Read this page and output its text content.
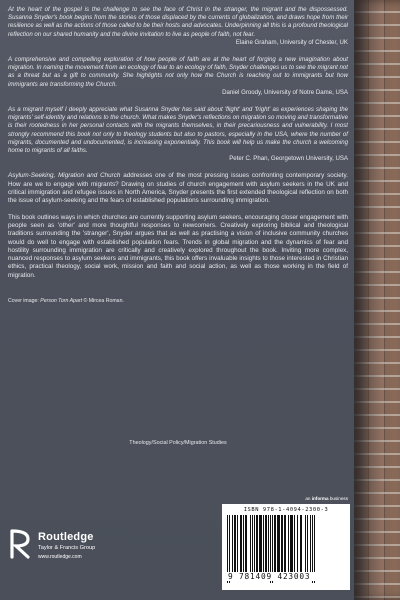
At the heart of the gospel is the challenge to see the face of Christ in the stranger, the migrant and the dispossessed. Susanna Snyder's book begins from the stories of those displaced by the currents of globalization, and draws hope from their resilience as well as the actions of those called to be their hosts and advocates. Underpinning all this is a profound theological reflection on our shared humanity and the divine invitation to live as people of faith, not fear.

Elaine Graham, University of Chester, UK

A comprehensive and compelling exploration of how people of faith are at the heart of forging a new imagination about migration. In naming the movement from an ecology of fear to an ecology of faith, Snyder challenges us to see the migrant not as a threat but as a gift to community. She highlights not only how the Church is reaching out to immigrants but how immigrants are transforming the Church.

Daniel Groody, University of Notre Dame, USA

As a migrant myself I deeply appreciate what Susanna Snyder has said about 'flight' and 'fright' as experiences shaping the migrants' self-identity and relations to the church. What makes Snyder's reflections on migration so moving and transformative is their rootedness in her personal contacts with the migrants themselves, in their precariousness and vulnerability. I most strongly recommend this book not only to theology students but also to pastors, especially in the USA, where the number of migrants, documented and undocumented, is increasing exponentially. This book will help us make the church a welcoming home to migrants of all faiths.

Peter C. Phan, Georgetown University, USA

Asylum-Seeking, Migration and Church addresses one of the most pressing issues confronting contemporary society. How are we to engage with migrants? Drawing on studies of church engagement with asylum seekers in the UK and critical immigration and refugee issues in North America, Snyder presents the first extended theological reflection on both the issue of asylum-seeking and the fears of established populations surrounding immigration.

This book outlines ways in which churches are currently supporting asylum seekers, encouraging closer engagement with people seen as 'other' and more thoughtful responses to newcomers. Creatively exploring biblical and theological traditions surrounding the 'stranger', Snyder argues that as well as practising a vision of inclusive community churches would do well to engage with established population fears. Trends in global migration and the dynamics of fear and hostility surrounding immigration are critically and creatively explored throughout the book. Inviting more complex, nuanced responses to asylum seekers and immigrants, this book offers invaluable insights to those interested in Christian ethics, practical theology, social work, mission and faith and social action, as well as those working in the field of migration.

Cover image: Person Torn Apart © Mircea Roman.

Theology/Social Policy/Migration Studies
Routledge
Taylor & Francis Group
www.routledge.com
an informa business
ISBN 978-1-4094-2300-3
9 781409 423003
